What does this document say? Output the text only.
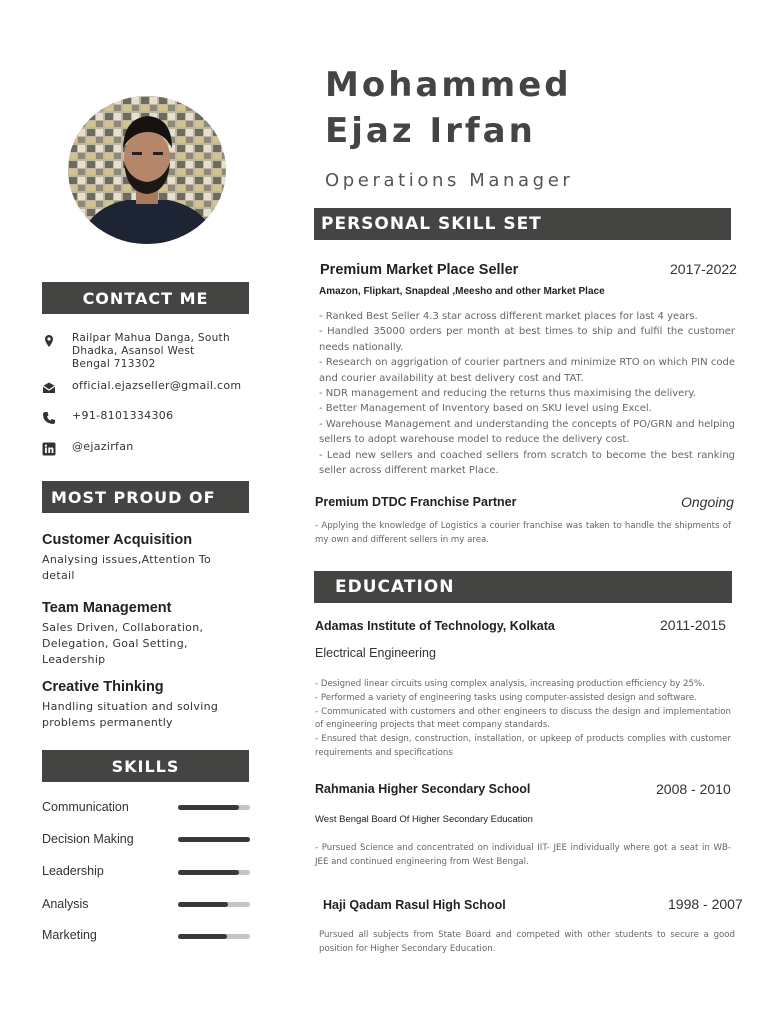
CONTACT ME
Railpar Mahua Danga, South
Dhadka, Asansol West
Bengal 713302
official.ejazseller@gmail.com
+91-8101334306
@ejazirfan
MOST PROUD OF
Customer Acquisition
Analysing issues,Attention To detail
Team Management
Sales Driven, Collaboration, Delegation, Goal Setting, Leadership
Creative Thinking
Handling situation and solving problems permanently
SKILLS
Communication
Decision Making
Leadership
Analysis
Marketing
Mohammed
Ejaz Irfan
Operations Manager
PERSONAL SKILL SET
Premium Market Place Seller	2017-2022
Amazon, Flipkart, Snapdeal ,Meesho and other Market Place

- Ranked Best Seller 4.3 star across different market places for last 4 years.

- Handled 35000 orders per month at best times to ship and fulfil the customer needs nationally.

- Research on aggrigation of courier partners and minimize RTO on which PIN code and courier availability at best delivery cost and TAT.

- NDR management and reducing the returns thus maximising the delivery.

- Better Management of Inventory based on SKU level using Excel.

- Warehouse Management and understanding the concepts of PO/GRN and helping sellers to adopt warehouse model to reduce the delivery cost.

- Lead new sellers and coached sellers from scratch to become the best ranking seller across different market Place.

Premium DTDC Franchise Partner	Ongoing

- Applying the knowledge of Logistics a courier franchise was taken to handle the shipments of my own and different sellers in my area.

EDUCATION
Adamas Institute of Technology, Kolkata	2011-2015
Electrical Engineering

- Designed linear circuits using complex analysis, increasing production efficiency by 25%.

- Performed a variety of engineering tasks using computer-assisted design and software.

- Communicated with customers and other engineers to discuss the design and implementation of engineering projects that meet company standards.

- Ensured that design, construction, installation, or upkeep of products complies with customer requirements and specifications

Rahmania Higher Secondary School	2008 - 2010
West Bengal Board Of Higher Secondary Education

- Pursued Science and concentrated on individual IIT- JEE individually where got a seat in WB-JEE and continued engineering from West Bengal.

Haji Qadam Rasul High School	1998 - 2007

Pursued all subjects from State Board and competed with other students to secure a good position for Higher Secondary Education.
